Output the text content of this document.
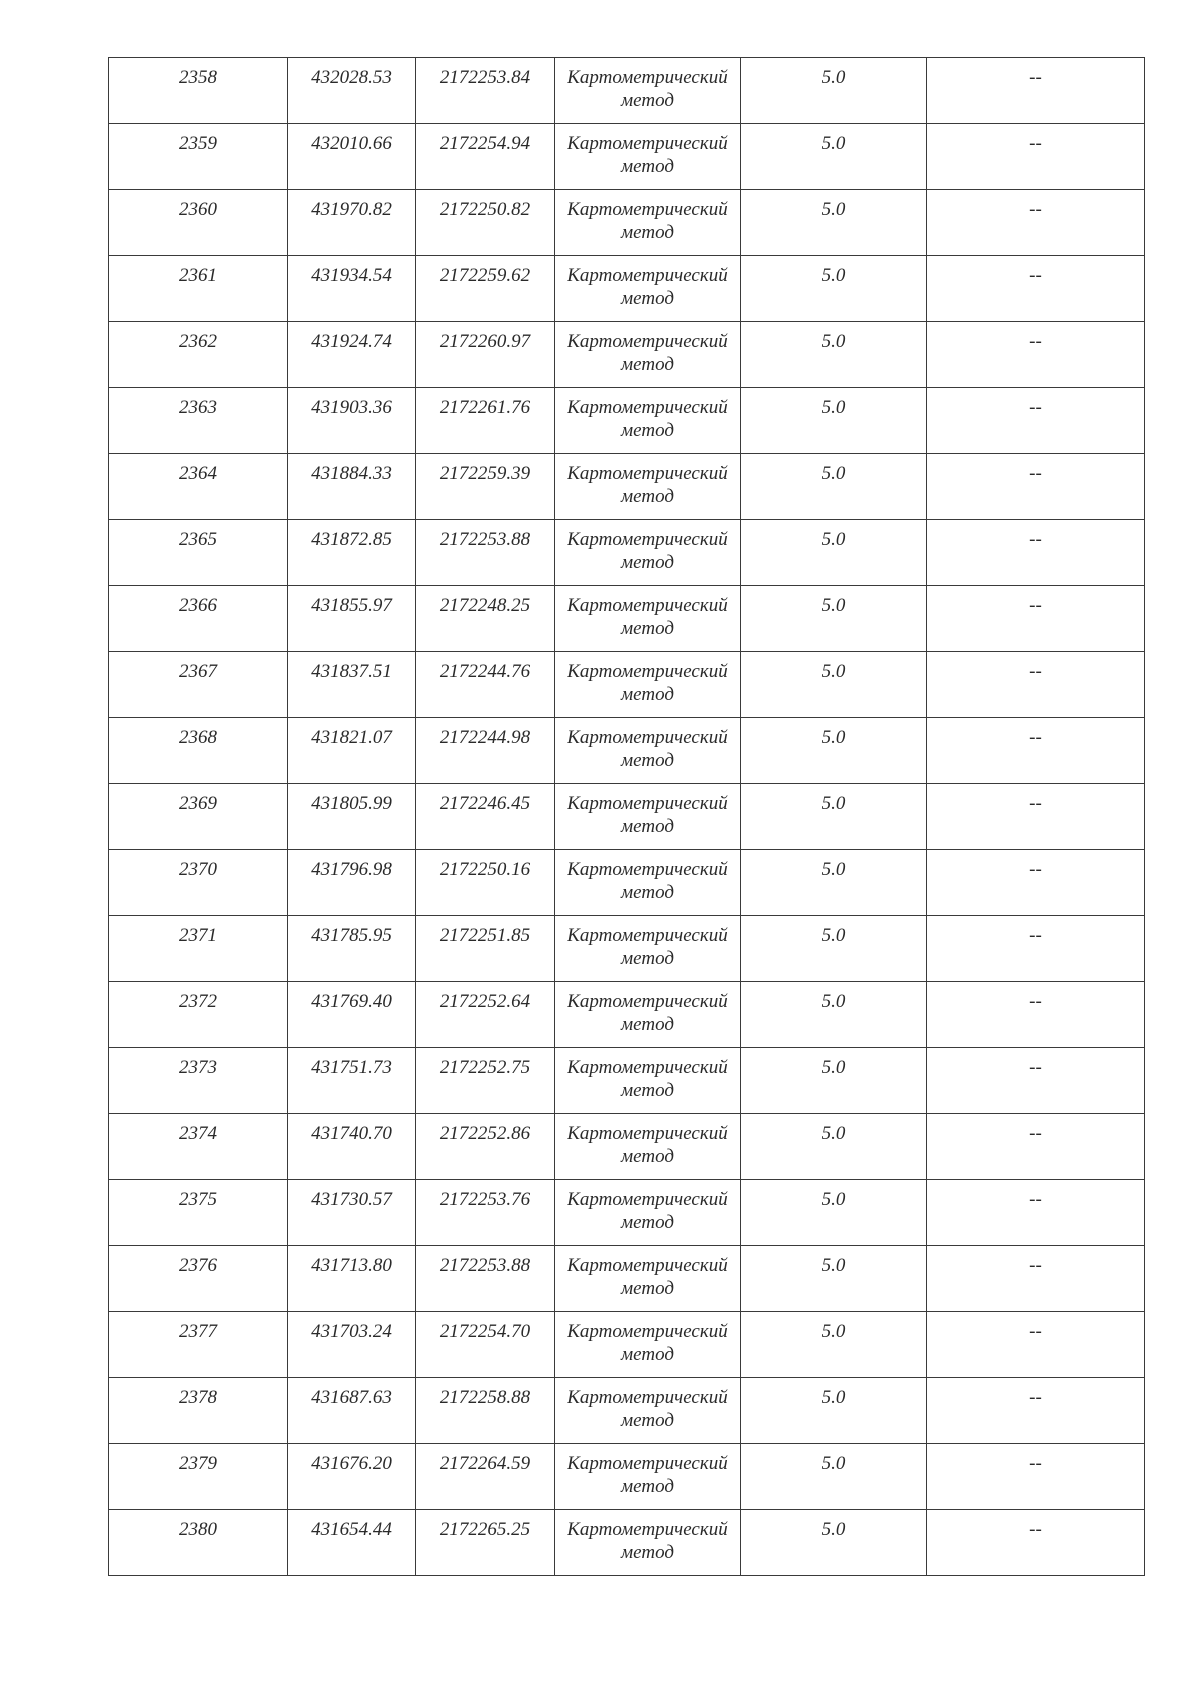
2358	432028.53	2172253.84	Картометрический
метод	5.0	--
2359	432010.66	2172254.94	Картометрический
метод	5.0	--
2360	431970.82	2172250.82	Картометрический
метод	5.0	--
2361	431934.54	2172259.62	Картометрический
метод	5.0	--
2362	431924.74	2172260.97	Картометрический
метод	5.0	--
2363	431903.36	2172261.76	Картометрический
метод	5.0	--
2364	431884.33	2172259.39	Картометрический
метод	5.0	--
2365	431872.85	2172253.88	Картометрический
метод	5.0	--
2366	431855.97	2172248.25	Картометрический
метод	5.0	--
2367	431837.51	2172244.76	Картометрический
метод	5.0	--
2368	431821.07	2172244.98	Картометрический
метод	5.0	--
2369	431805.99	2172246.45	Картометрический
метод	5.0	--
2370	431796.98	2172250.16	Картометрический
метод	5.0	--
2371	431785.95	2172251.85	Картометрический
метод	5.0	--
2372	431769.40	2172252.64	Картометрический
метод	5.0	--
2373	431751.73	2172252.75	Картометрический
метод	5.0	--
2374	431740.70	2172252.86	Картометрический
метод	5.0	--
2375	431730.57	2172253.76	Картометрический
метод	5.0	--
2376	431713.80	2172253.88	Картометрический
метод	5.0	--
2377	431703.24	2172254.70	Картометрический
метод	5.0	--
2378	431687.63	2172258.88	Картометрический
метод	5.0	--
2379	431676.20	2172264.59	Картометрический
метод	5.0	--
2380	431654.44	2172265.25	Картометрический
метод	5.0	--
